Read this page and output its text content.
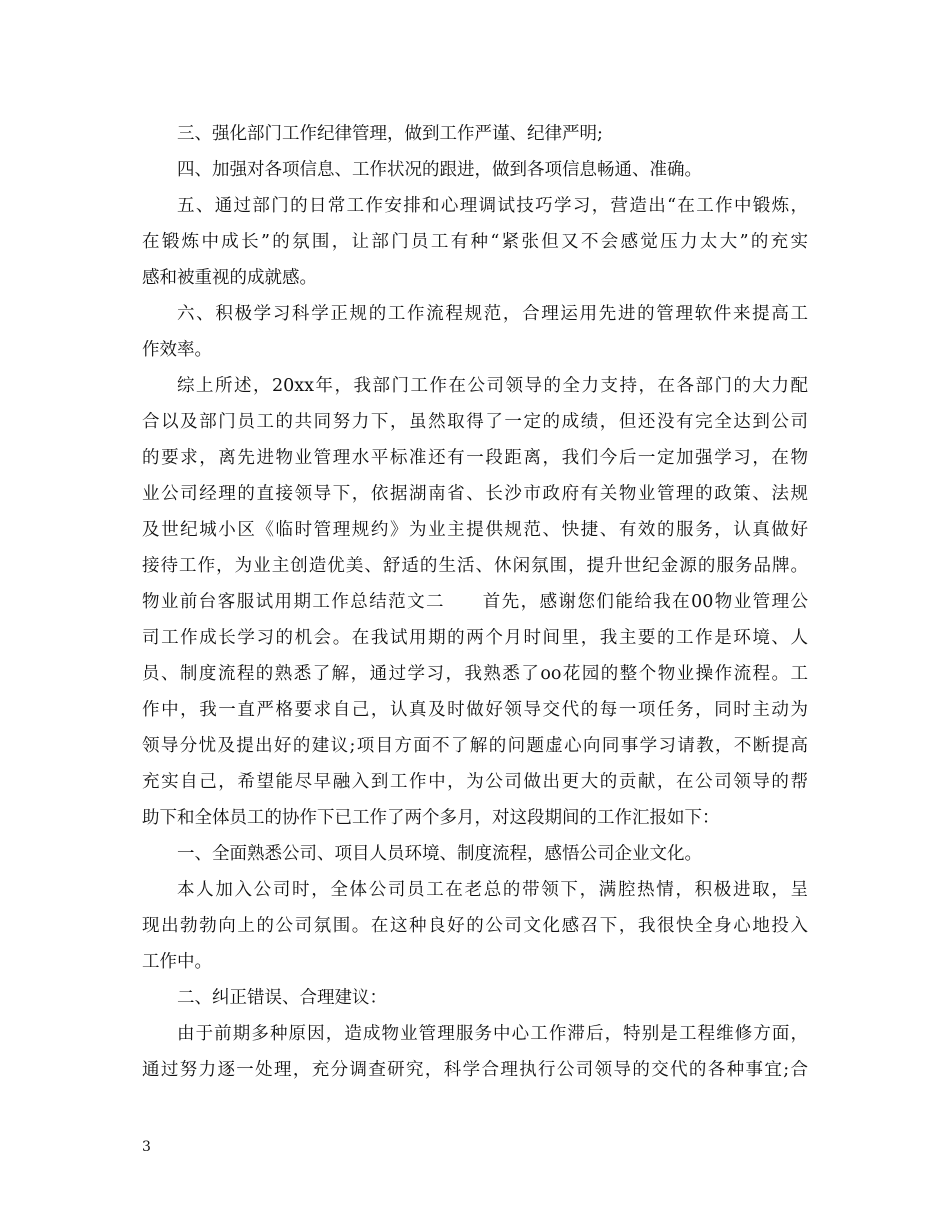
三、强化部门工作纪律管理，做到工作严谨、纪律严明;
四、加强对各项信息、工作状况的跟进，做到各项信息畅通、准确。
五、通过部门的日常工作安排和心理调试技巧学习，营造出“在工作中锻炼，
在锻炼中成长”的氛围，让部门员工有种“紧张但又不会感觉压力太大”的充实
感和被重视的成就感。
六、积极学习科学正规的工作流程规范，合理运用先进的管理软件来提高工
作效率。
综上所述，20xx年，我部门工作在公司领导的全力支持，在各部门的大力配
合以及部门员工的共同努力下，虽然取得了一定的成绩，但还没有完全达到公司
的要求，离先进物业管理水平标准还有一段距离，我们今后一定加强学习，在物
业公司经理的直接领导下，依据湖南省、长沙市政府有关物业管理的政策、法规
及世纪城小区《临时管理规约》为业主提供规范、快捷、有效的服务，认真做好
接待工作，为业主创造优美、舒适的生活、休闲氛围，提升世纪金源的服务品牌。
物业前台客服试用期工作总结范文二　　首先，感谢您们能给我在00物业管理公
司工作成长学习的机会。在我试用期的两个月时间里，我主要的工作是环境、人
员、制度流程的熟悉了解，通过学习，我熟悉了oo花园的整个物业操作流程。工
作中，我一直严格要求自己，认真及时做好领导交代的每一项任务，同时主动为
领导分忧及提出好的建议;项目方面不了解的问题虚心向同事学习请教，不断提高
充实自己，希望能尽早融入到工作中，为公司做出更大的贡献，在公司领导的帮
助下和全体员工的协作下已工作了两个多月，对这段期间的工作汇报如下：
一、全面熟悉公司、项目人员环境、制度流程，感悟公司企业文化。
本人加入公司时，全体公司员工在老总的带领下，满腔热情，积极进取，呈
现出勃勃向上的公司氛围。在这种良好的公司文化感召下，我很快全身心地投入
工作中。
二、纠正错误、合理建议：
由于前期多种原因，造成物业管理服务中心工作滞后，特别是工程维修方面，
通过努力逐一处理，充分调查研究，科学合理执行公司领导的交代的各种事宜;合
3
